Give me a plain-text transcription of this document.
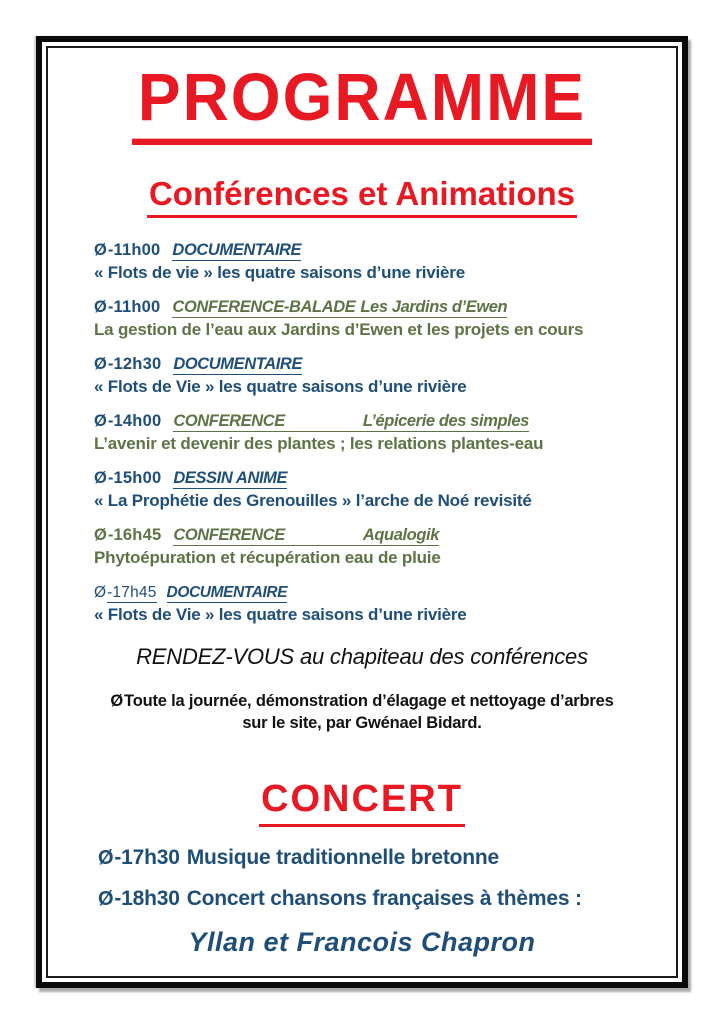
PROGRAMME
Conférences et Animations
Ø-11h00 DOCUMENTAIRE
« Flots de vie » les quatre saisons d’une rivière
Ø-11h00 CONFERENCE-BALADE Les Jardins d’Ewen
La gestion de l’eau aux Jardins d’Ewen et les projets en cours
Ø-12h30 DOCUMENTAIRE
« Flots de Vie » les quatre saisons d’une rivière
Ø-14h00 CONFERENCE	L’épicerie des simples
L’avenir et devenir des plantes ; les relations plantes-eau
Ø-15h00 DESSIN ANIME
« La Prophétie des Grenouilles » l’arche de Noé revisité
Ø-16h45 CONFERENCE	Aqualogik
Phytoépuration et récupération eau de pluie
Ø-17h45 DOCUMENTAIRE
« Flots de Vie » les quatre saisons d’une rivière
RENDEZ-VOUS au chapiteau des conférences
ØToute la journée, démonstration d’élagage et nettoyage d’arbres
sur le site, par Gwénael Bidard.
CONCERT
Ø-17h30 Musique traditionnelle bretonne
Ø-18h30 Concert chansons françaises à thèmes :
Yllan et Francois Chapron
